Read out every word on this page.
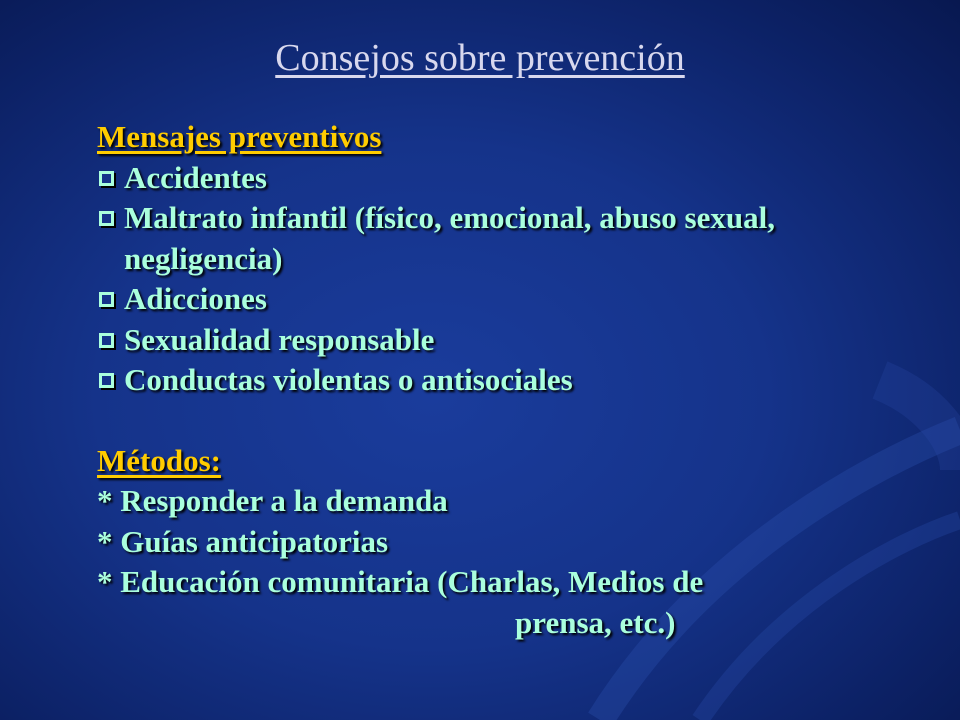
Consejos sobre prevención
Mensajes preventivos
Accidentes
Maltrato infantil (físico, emocional, abuso sexual, negligencia)
Adicciones
Sexualidad responsable
Conductas violentas o antisociales
Métodos:
* Responder a la demanda
* Guías anticipatorias
* Educación comunitaria (Charlas, Medios de
prensa, etc.)
